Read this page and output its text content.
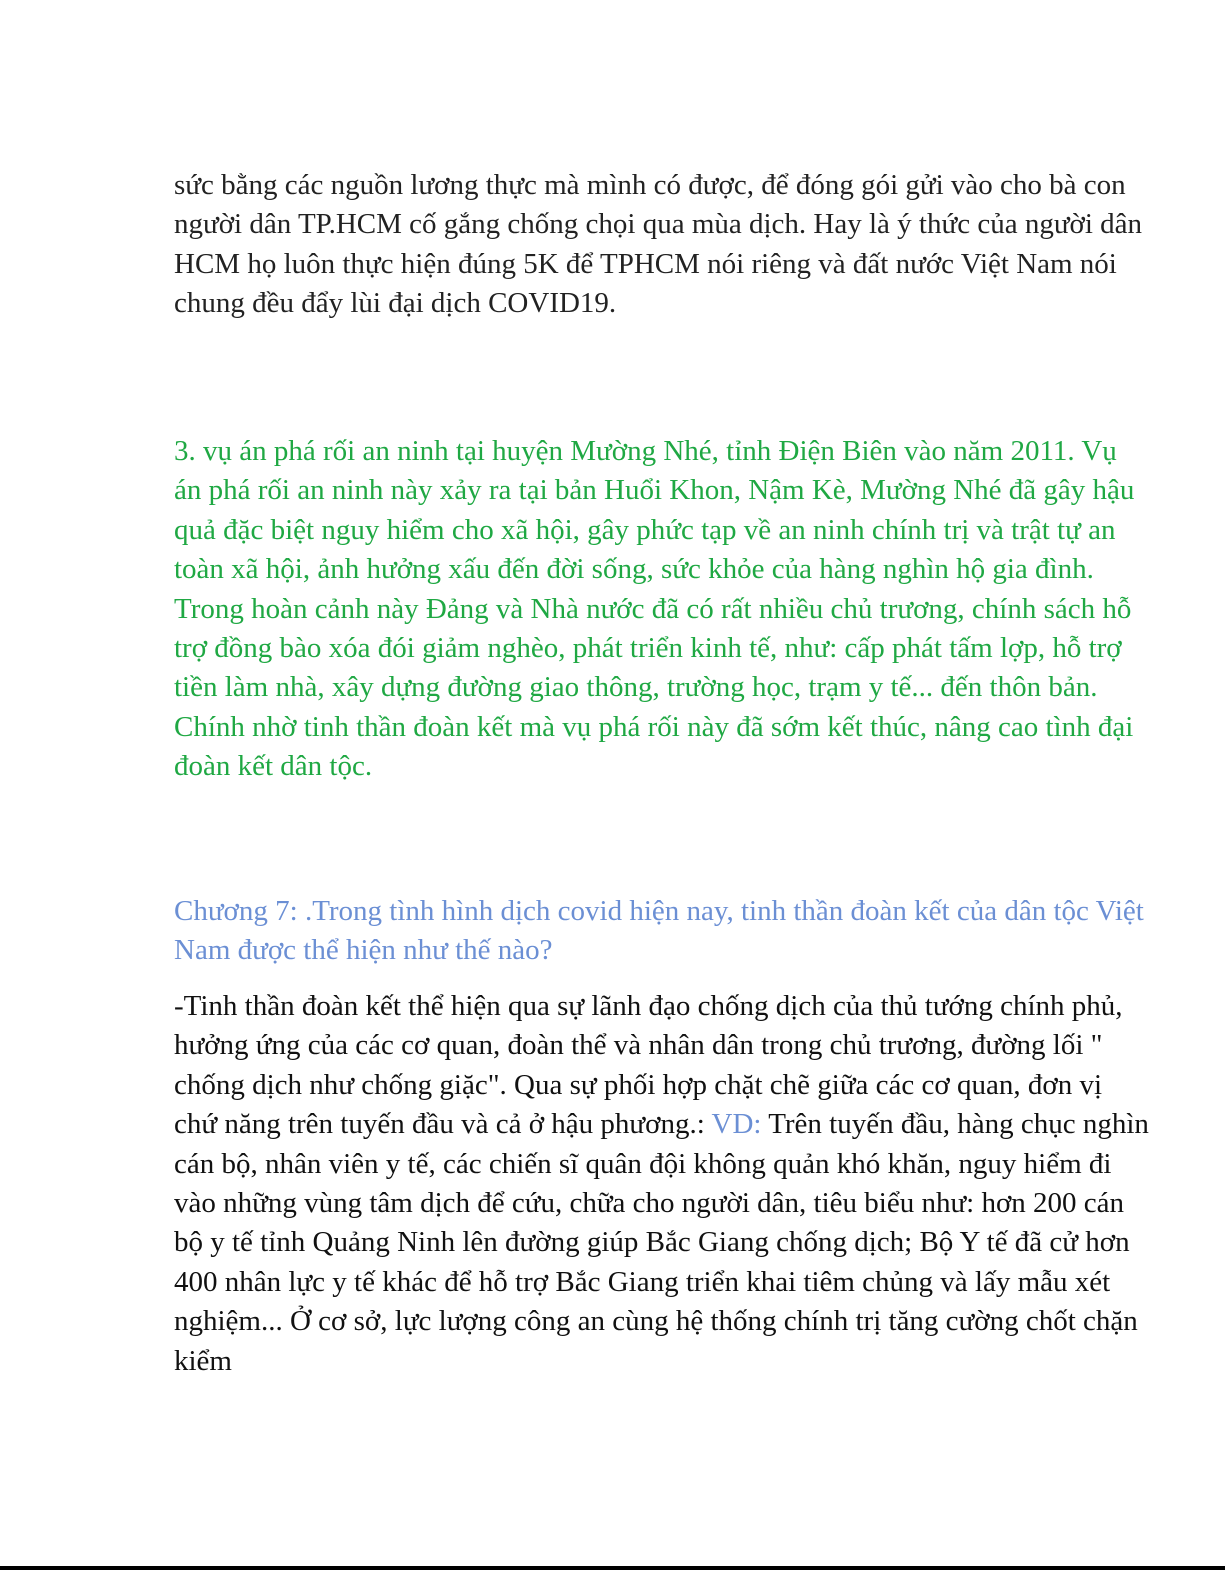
sức bằng các nguồn lương thực mà mình có được, để đóng gói gửi vào cho bà con người dân TP.HCM cố gắng chống chọi qua mùa dịch. Hay là ý thức của người dân HCM họ luôn thực hiện đúng 5K để TPHCM nói riêng và đất nước Việt Nam nói chung đều đẩy lùi đại dịch COVID19.

3. vụ án phá rối an ninh tại huyện Mường Nhé, tỉnh Điện Biên vào năm 2011. Vụ án phá rối an ninh này xảy ra tại bản Huổi Khon, Nậm Kè, Mường Nhé đã gây hậu quả đặc biệt nguy hiểm cho xã hội, gây phức tạp về an ninh chính trị và trật tự an toàn xã hội, ảnh hưởng xấu đến đời sống, sức khỏe của hàng nghìn hộ gia đình. Trong hoàn cảnh này Đảng và Nhà nước đã có rất nhiều chủ trương, chính sách hỗ trợ đồng bào xóa đói giảm nghèo, phát triển kinh tế, như: cấp phát tấm lợp, hỗ trợ tiền làm nhà, xây dựng đường giao thông, trường học, trạm y tế... đến thôn bản. Chính nhờ tinh thần đoàn kết mà vụ phá rối này đã sớm kết thúc, nâng cao tình đại đoàn kết dân tộc.

Chương 7: .Trong tình hình dịch covid hiện nay, tinh thần đoàn kết của dân tộc Việt Nam được thể hiện như thế nào?

-Tinh thần đoàn kết thể hiện qua sự lãnh đạo chống dịch của thủ tướng chính phủ, hưởng ứng của các cơ quan, đoàn thể và nhân dân trong chủ trương, đường lối " chống dịch như chống giặc". Qua sự phối hợp chặt chẽ giữa các cơ quan, đơn vị chứ năng trên tuyến đầu và cả ở hậu phương.: VD: Trên tuyến đầu, hàng chục nghìn cán bộ, nhân viên y tế, các chiến sĩ quân đội không quản khó khăn, nguy hiểm đi vào những vùng tâm dịch để cứu, chữa cho người dân, tiêu biểu như: hơn 200 cán bộ y tế tỉnh Quảng Ninh lên đường giúp Bắc Giang chống dịch; Bộ Y tế đã cử hơn 400 nhân lực y tế khác để hỗ trợ Bắc Giang triển khai tiêm chủng và lấy mẫu xét nghiệm... Ở cơ sở, lực lượng công an cùng hệ thống chính trị tăng cường chốt chặn kiểm
